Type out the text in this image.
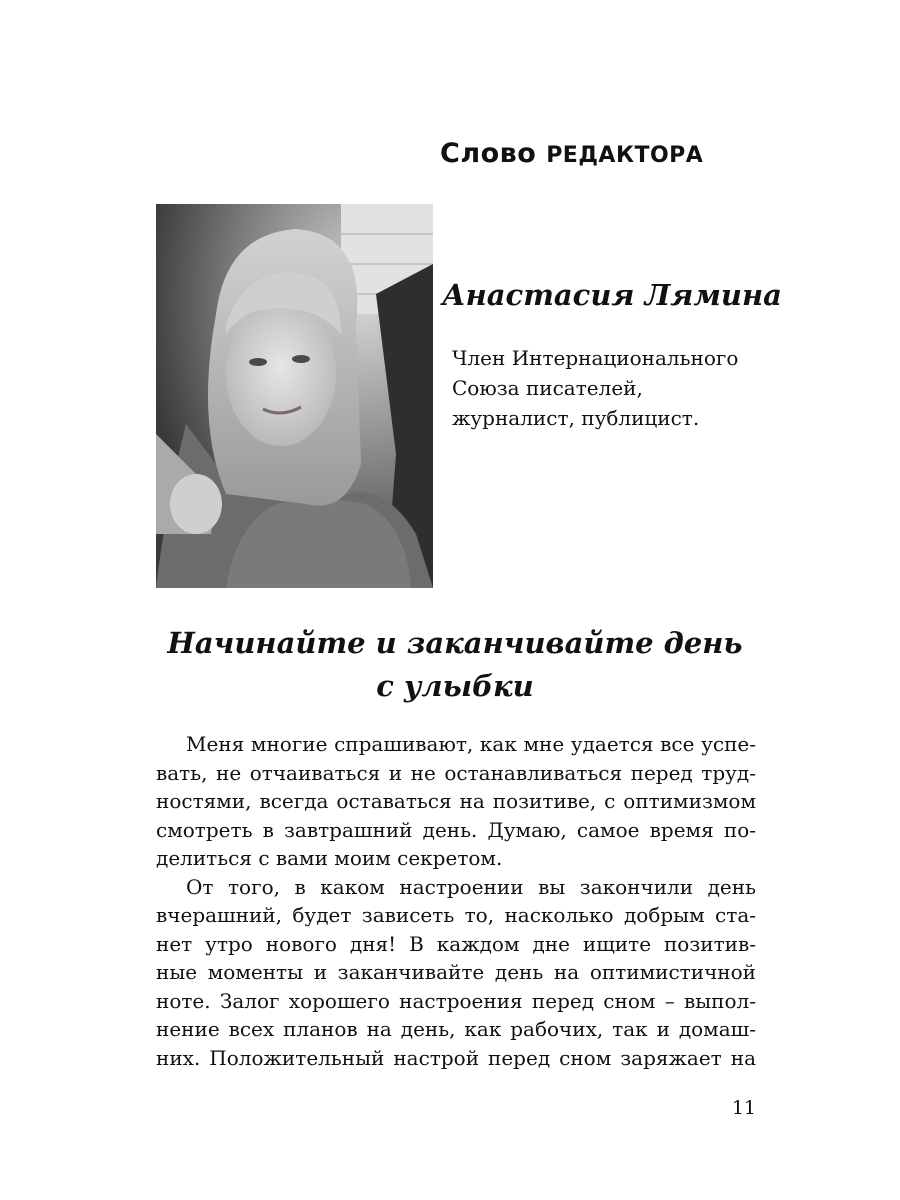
Слово РЕДАКТОРА
Анастасия Лямина

Член Интернационального
Союза писателей,
журналист, публицист.

Начинайте и заканчивайте день
с улыбки
Меня многие спрашивают, как мне удается все успе-
вать, не отчаиваться и не останавливаться перед труд-
ностями, всегда оставаться на позитиве, с оптимизмом
смотреть в завтрашний день. Думаю, самое время по-
делиться с вами моим секретом.
От того, в каком настроении вы закончили день
вчерашний, будет зависеть то, насколько добрым ста-
нет утро нового дня! В каждом дне ищите позитив-
ные моменты и заканчивайте день на оптимистичной
ноте. Залог хорошего настроения перед сном – выпол-
нение всех планов на день, как рабочих, так и домаш-
них. Положительный настрой перед сном заряжает на

11
